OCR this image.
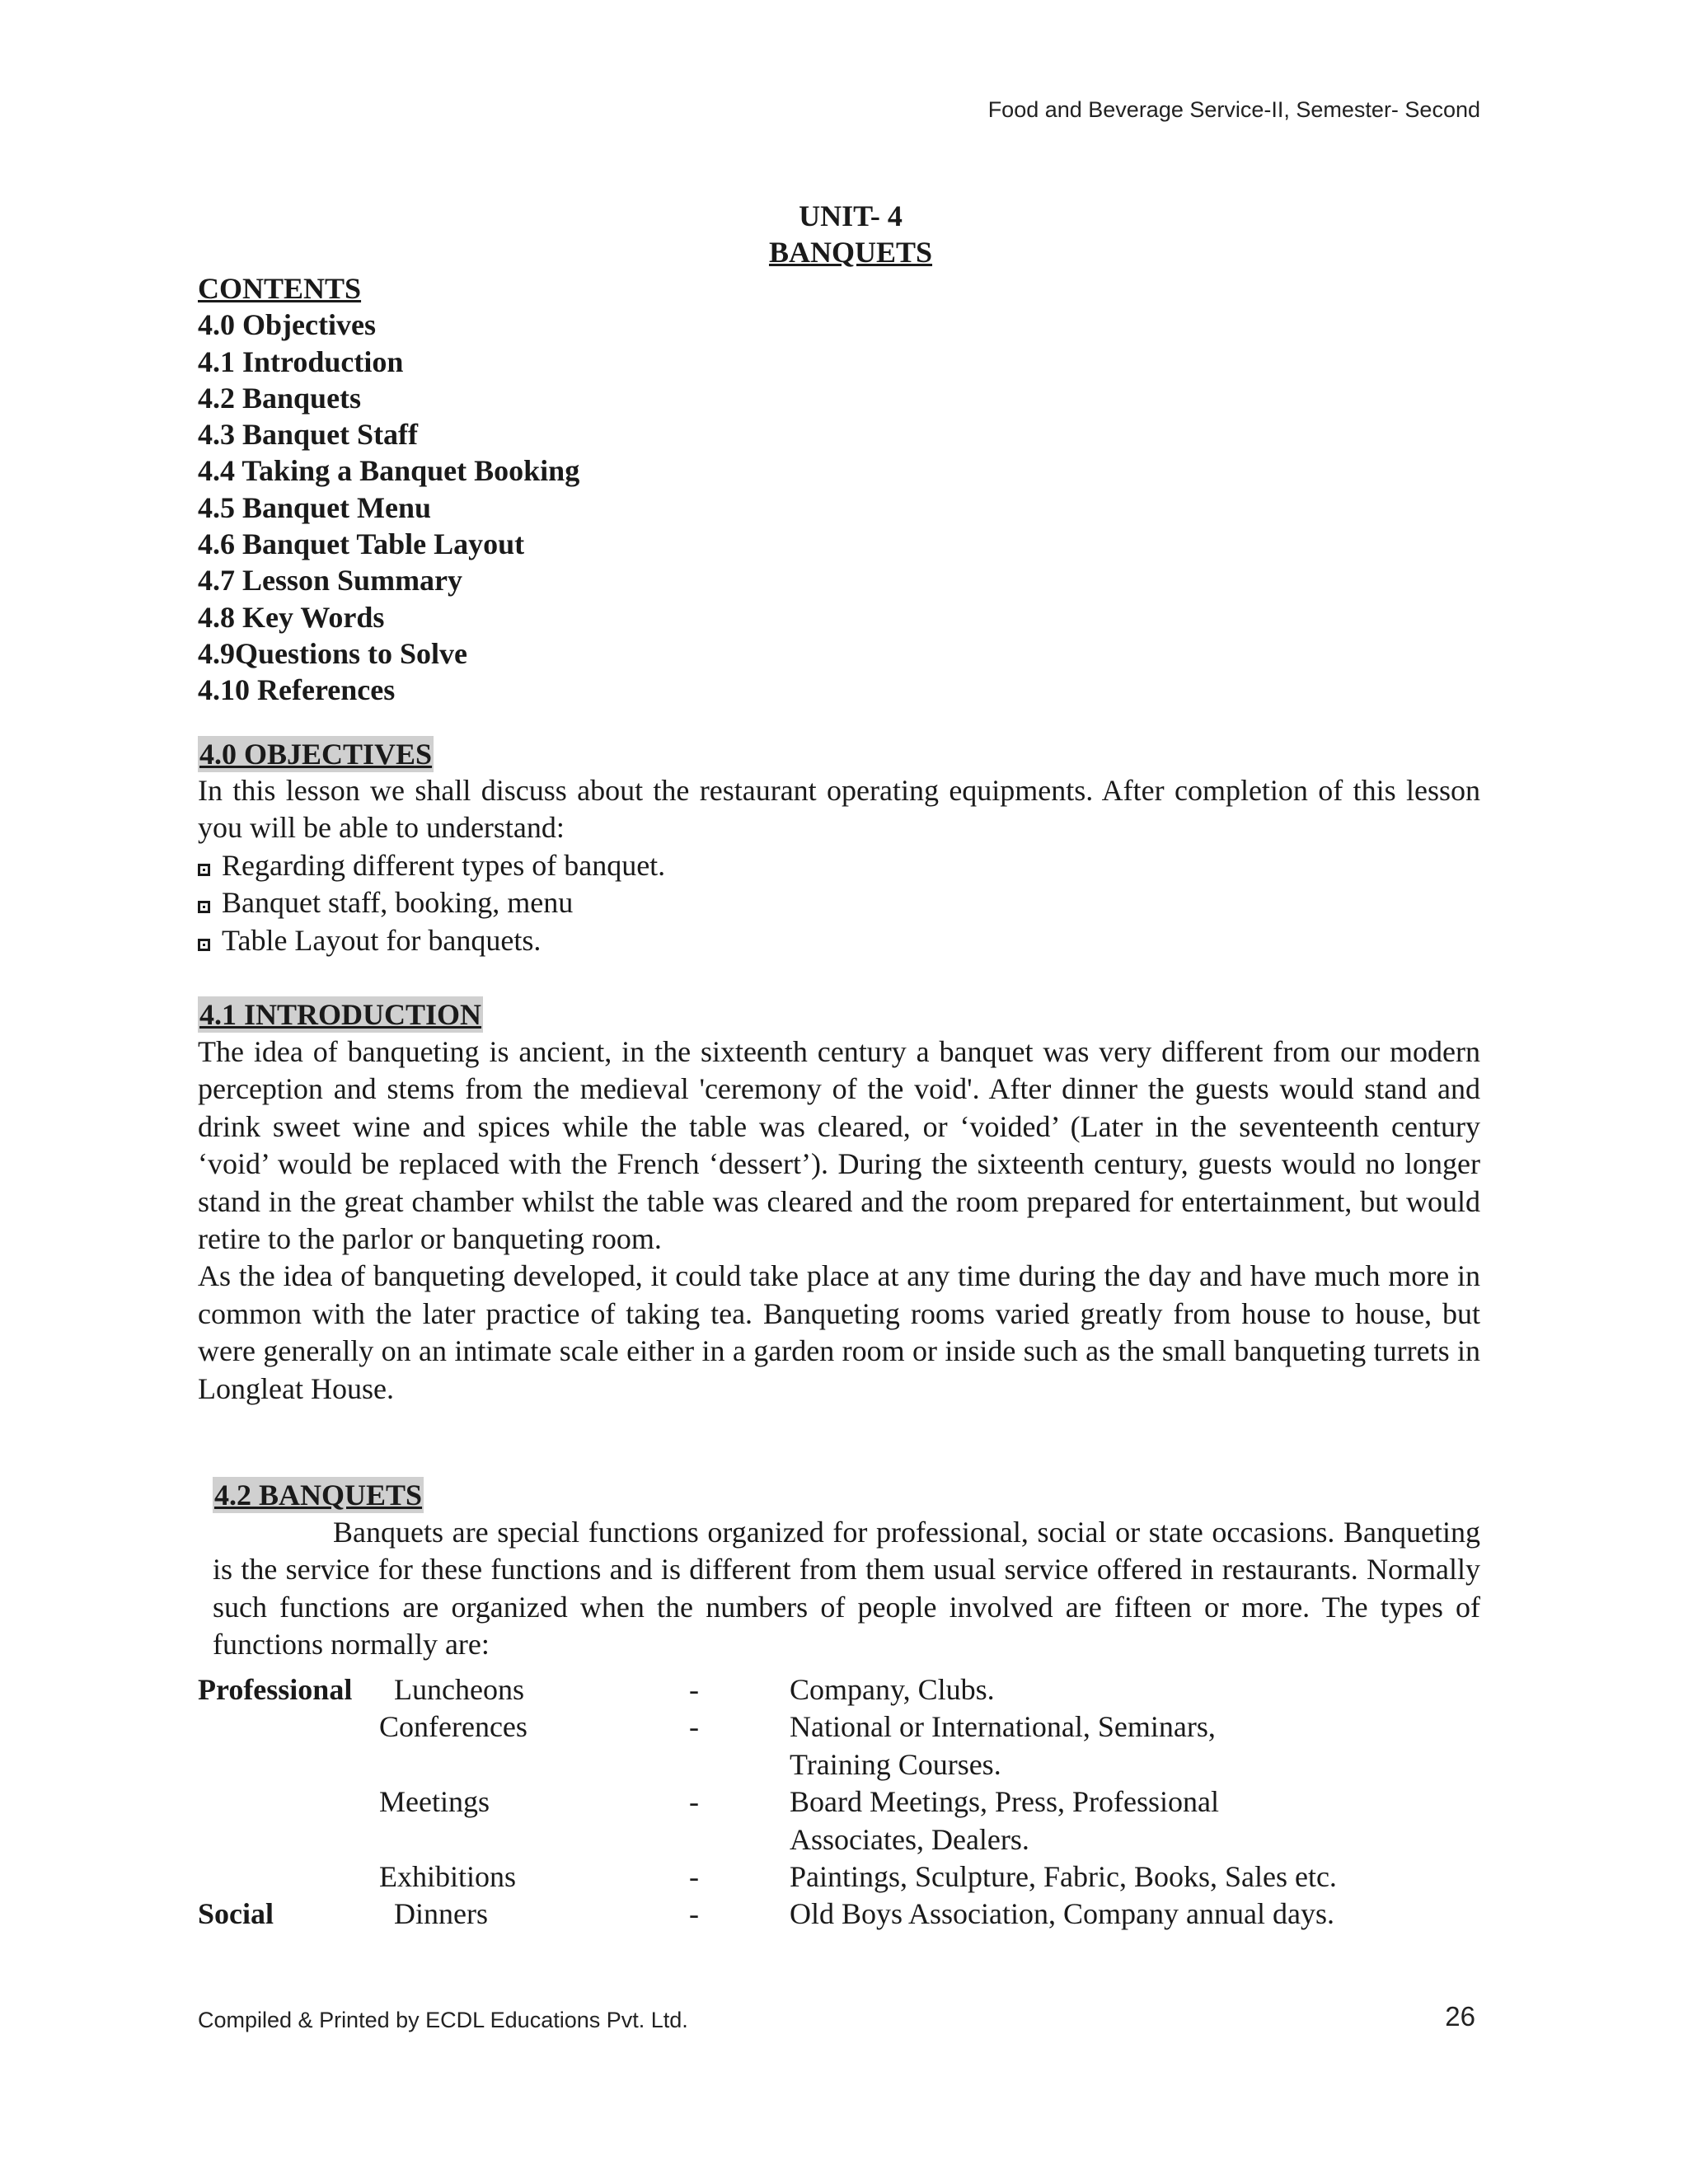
Food and Beverage Service-II, Semester- Second
UNIT- 4
BANQUETS
CONTENTS
4.0 Objectives
4.1 Introduction
4.2 Banquets
4.3 Banquet Staff
4.4 Taking a Banquet Booking
4.5 Banquet Menu
4.6 Banquet Table Layout
4.7 Lesson Summary
4.8 Key Words
4.9Questions to Solve
4.10 References
4.0 OBJECTIVES

In this lesson we shall discuss about the restaurant operating equipments. After completion of this lesson you will be able to understand:

Regarding different types of banquet.
Banquet staff, booking, menu
Table Layout for banquets.
4.1 INTRODUCTION

The idea of banqueting is ancient, in the sixteenth century a banquet was very different from our modern perception and stems from the medieval 'ceremony of the void'. After dinner the guests would stand and drink sweet wine and spices while the table was cleared, or ‘voided’ (Later in the seventeenth century ‘void’ would be replaced with the French ‘dessert’). During the sixteenth century, guests would no longer stand in the great chamber whilst the table was cleared and the room prepared for entertainment, but would retire to the parlor or banqueting room.

As the idea of banqueting developed, it could take place at any time during the day and have much more in common with the later practice of taking tea. Banqueting rooms varied greatly from house to house, but were generally on an intimate scale either in a garden room or inside such as the small banqueting turrets in Longleat House.

4.2 BANQUETS
Banquets are special functions organized for professional, social or state occasions. Banqueting is the service for these functions and is different from them usual service offered in restaurants. Normally such functions are organized when the numbers of people involved are fifteen or more. The types of functions normally are:
Professional Luncheons	-	Company, Clubs.
Conferences	-	National or International, Seminars,
Training Courses.
Meetings	-	Board Meetings, Press, Professional
Associates, Dealers.
Exhibitions	-	Paintings, Sculpture, Fabric, Books, Sales etc.
Social	Dinners	-	Old Boys Association, Company annual days.
Compiled & Printed by ECDL Educations Pvt. Ltd.	26
